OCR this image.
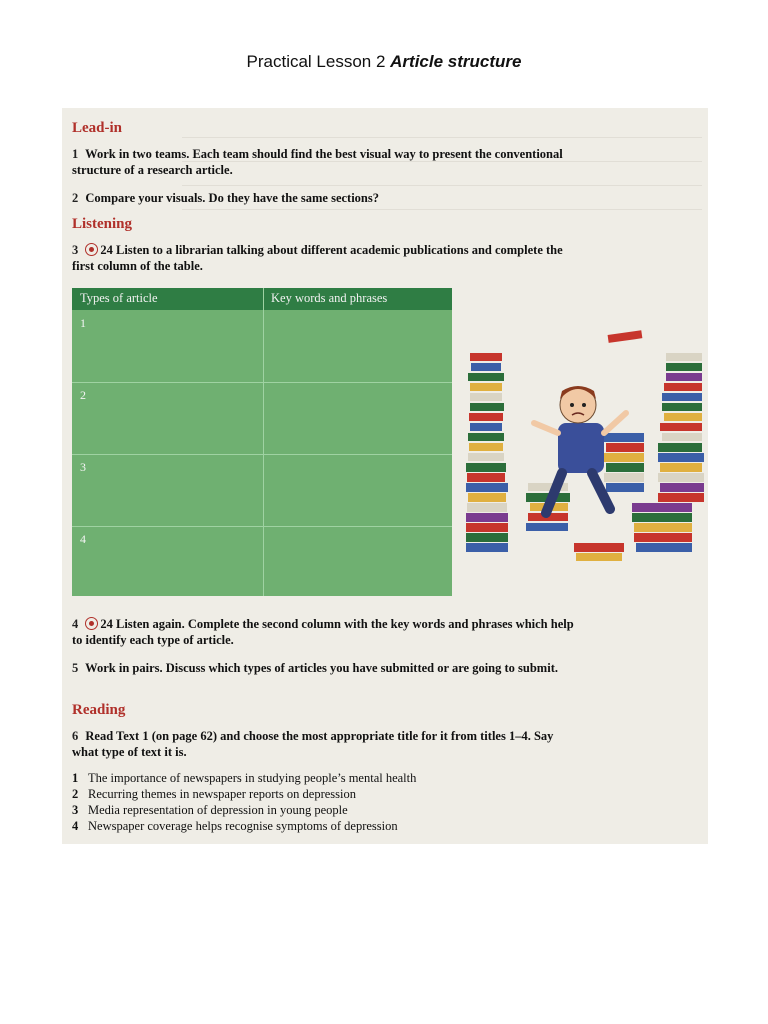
Practical Lesson 2 Article structure
Lead-in
1 Work in two teams. Each team should find the best visual way to present the conventional structure of a research article.
2 Compare your visuals. Do they have the same sections?
Listening
3 24 Listen to a librarian talking about different academic publications and complete the first column of the table.
Types of article	Key words and phrases
1
2
3
4
4 24 Listen again. Complete the second column with the key words and phrases which help to identify each type of article.
5 Work in pairs. Discuss which types of articles you have submitted or are going to submit.
Reading
6 Read Text 1 (on page 62) and choose the most appropriate title for it from titles 1–4. Say what type of text it is.
1 The importance of newspapers in studying people’s mental health
2 Recurring themes in newspaper reports on depression
3 Media representation of depression in young people
4 Newspaper coverage helps recognise symptoms of depression
